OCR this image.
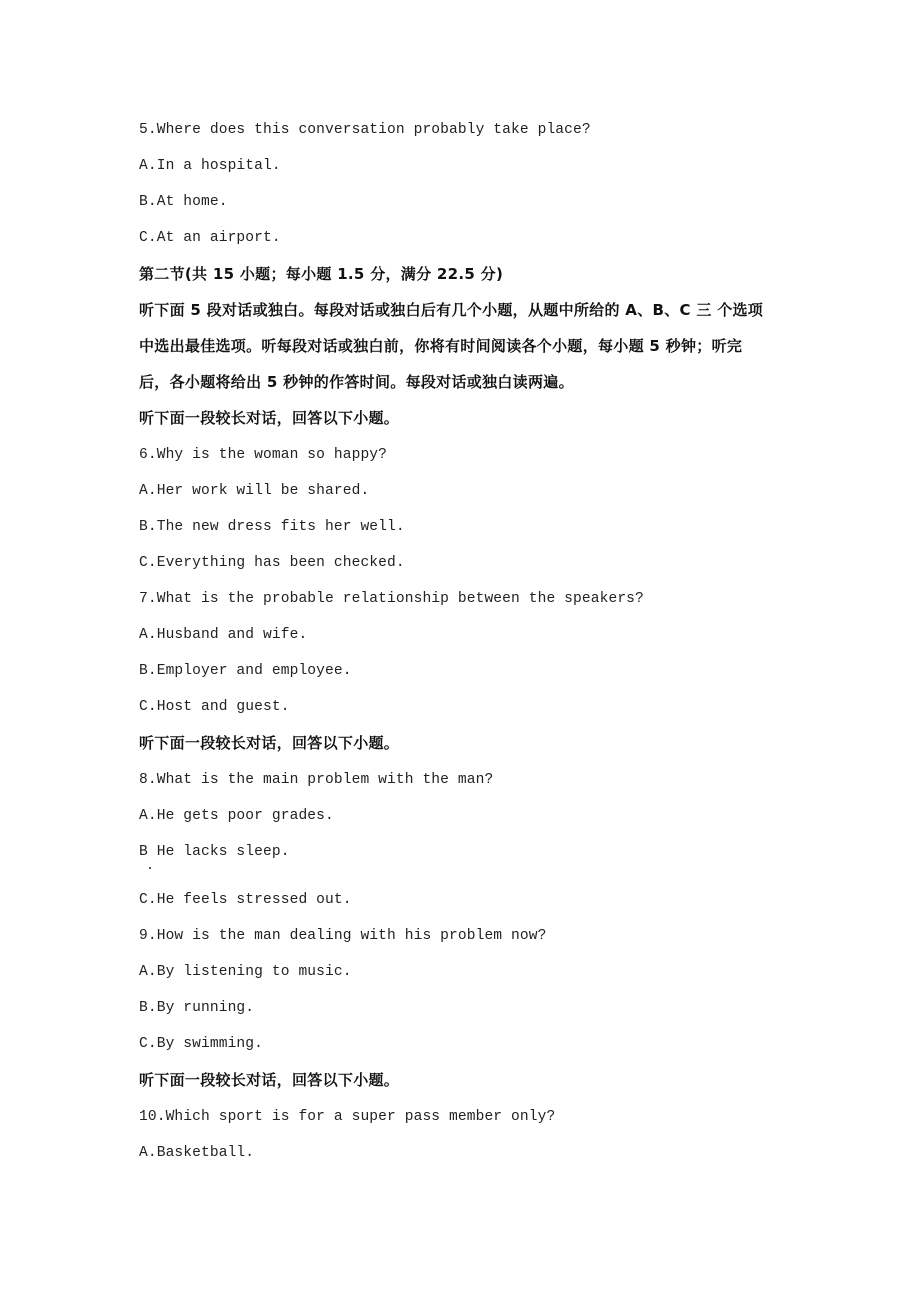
5.Where does this conversation probably take place?
A.In a hospital.
B.At home.
C.At an airport.
第二节(共 15 小题；每小题 1.5 分，满分 22.5 分)
听下面 5 段对话或独白。每段对话或独白后有几个小题，从题中所给的 A、B、C 三 个选项
中选出最佳选项。听每段对话或独白前，你将有时间阅读各个小题，每小题 5 秒钟；听完
后，各小题将给出 5 秒钟的作答时间。每段对话或独白读两遍。
听下面一段较长对话，回答以下小题。
6.Why is the woman so happy?
A.Her work will be shared.
B.The new dress fits her well.
C.Everything has been checked.
7.What is the probable relationship between the speakers?
A.Husband and wife.
B.Employer and employee.
C.Host and guest.
听下面一段较长对话，回答以下小题。
8.What is the main problem with the man?
A.He gets poor grades.
B He lacks sleep.
C.He feels stressed out.
9.How is the man dealing with his problem now?
A.By listening to music.
B.By running.
C.By swimming.
听下面一段较长对话，回答以下小题。
10.Which sport is for a super pass member only?
A.Basketball.
